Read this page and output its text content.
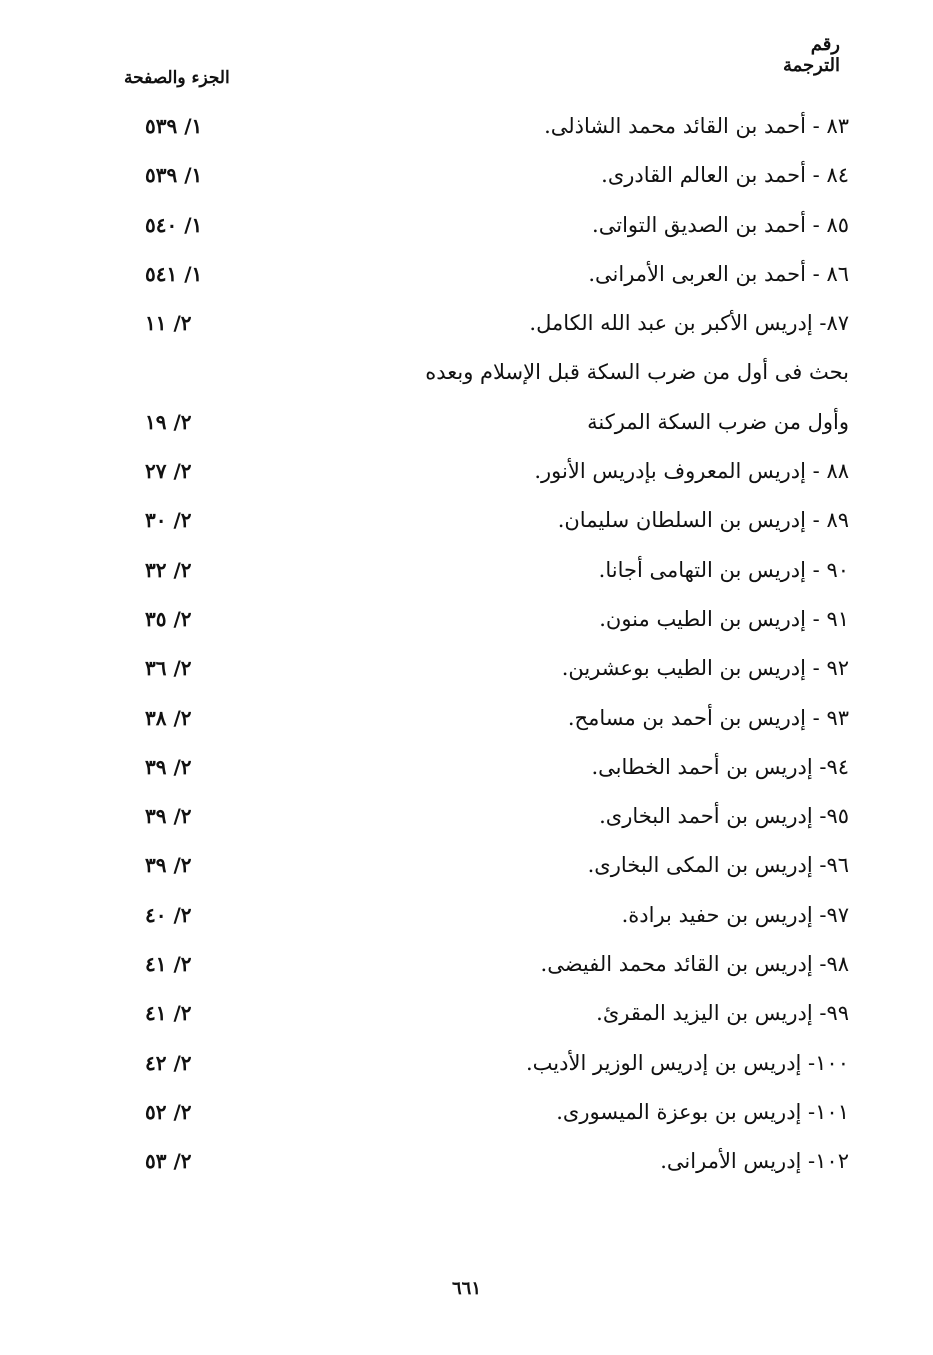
رقم
الترجمة
الجزء والصفحة
٨٣ - أحمد بن القائد محمد الشاذلى.
١/ ٥٣٩
٨٤ - أحمد بن العالم القادرى.
١/ ٥٣٩
٨٥ - أحمد بن الصديق التواتى.
١/ ٥٤٠
٨٦ - أحمد بن العربى الأمرانى.
١/ ٥٤١
٨٧- إدريس الأكبر بن عبد الله الكامل.
٢/ ١١
بحث فى أول من ضرب السكة قبل الإسلام وبعده
وأول من ضرب السكة المركنة
٢/ ١٩
٨٨ - إدريس المعروف بإدريس الأنور.
٢/ ٢٧
٨٩ - إدريس بن السلطان سليمان.
٢/ ٣٠
٩٠ - إدريس بن التهامى أجانا.
٢/ ٣٢
٩١ - إدريس بن الطيب منون.
٢/ ٣٥
٩٢ - إدريس بن الطيب بوعشرين.
٢/ ٣٦
٩٣ - إدريس بن أحمد بن مسامح.
٢/ ٣٨
٩٤- إدريس بن أحمد الخطابى.
٢/ ٣٩
٩٥- إدريس بن أحمد البخارى.
٢/ ٣٩
٩٦- إدريس بن المكى البخارى.
٢/ ٣٩
٩٧- إدريس بن حفيد برادة.
٢/ ٤٠
٩٨- إدريس بن القائد محمد الفيضى.
٢/ ٤١
٩٩- إدريس بن اليزيد المقرئ.
٢/ ٤١
١٠٠- إدريس بن إدريس الوزير الأديب.
٢/ ٤٢
١٠١- إدريس بن بوعزة الميسورى.
٢/ ٥٢
١٠٢- إدريس الأمرانى.
٢/ ٥٣
٦٦١
